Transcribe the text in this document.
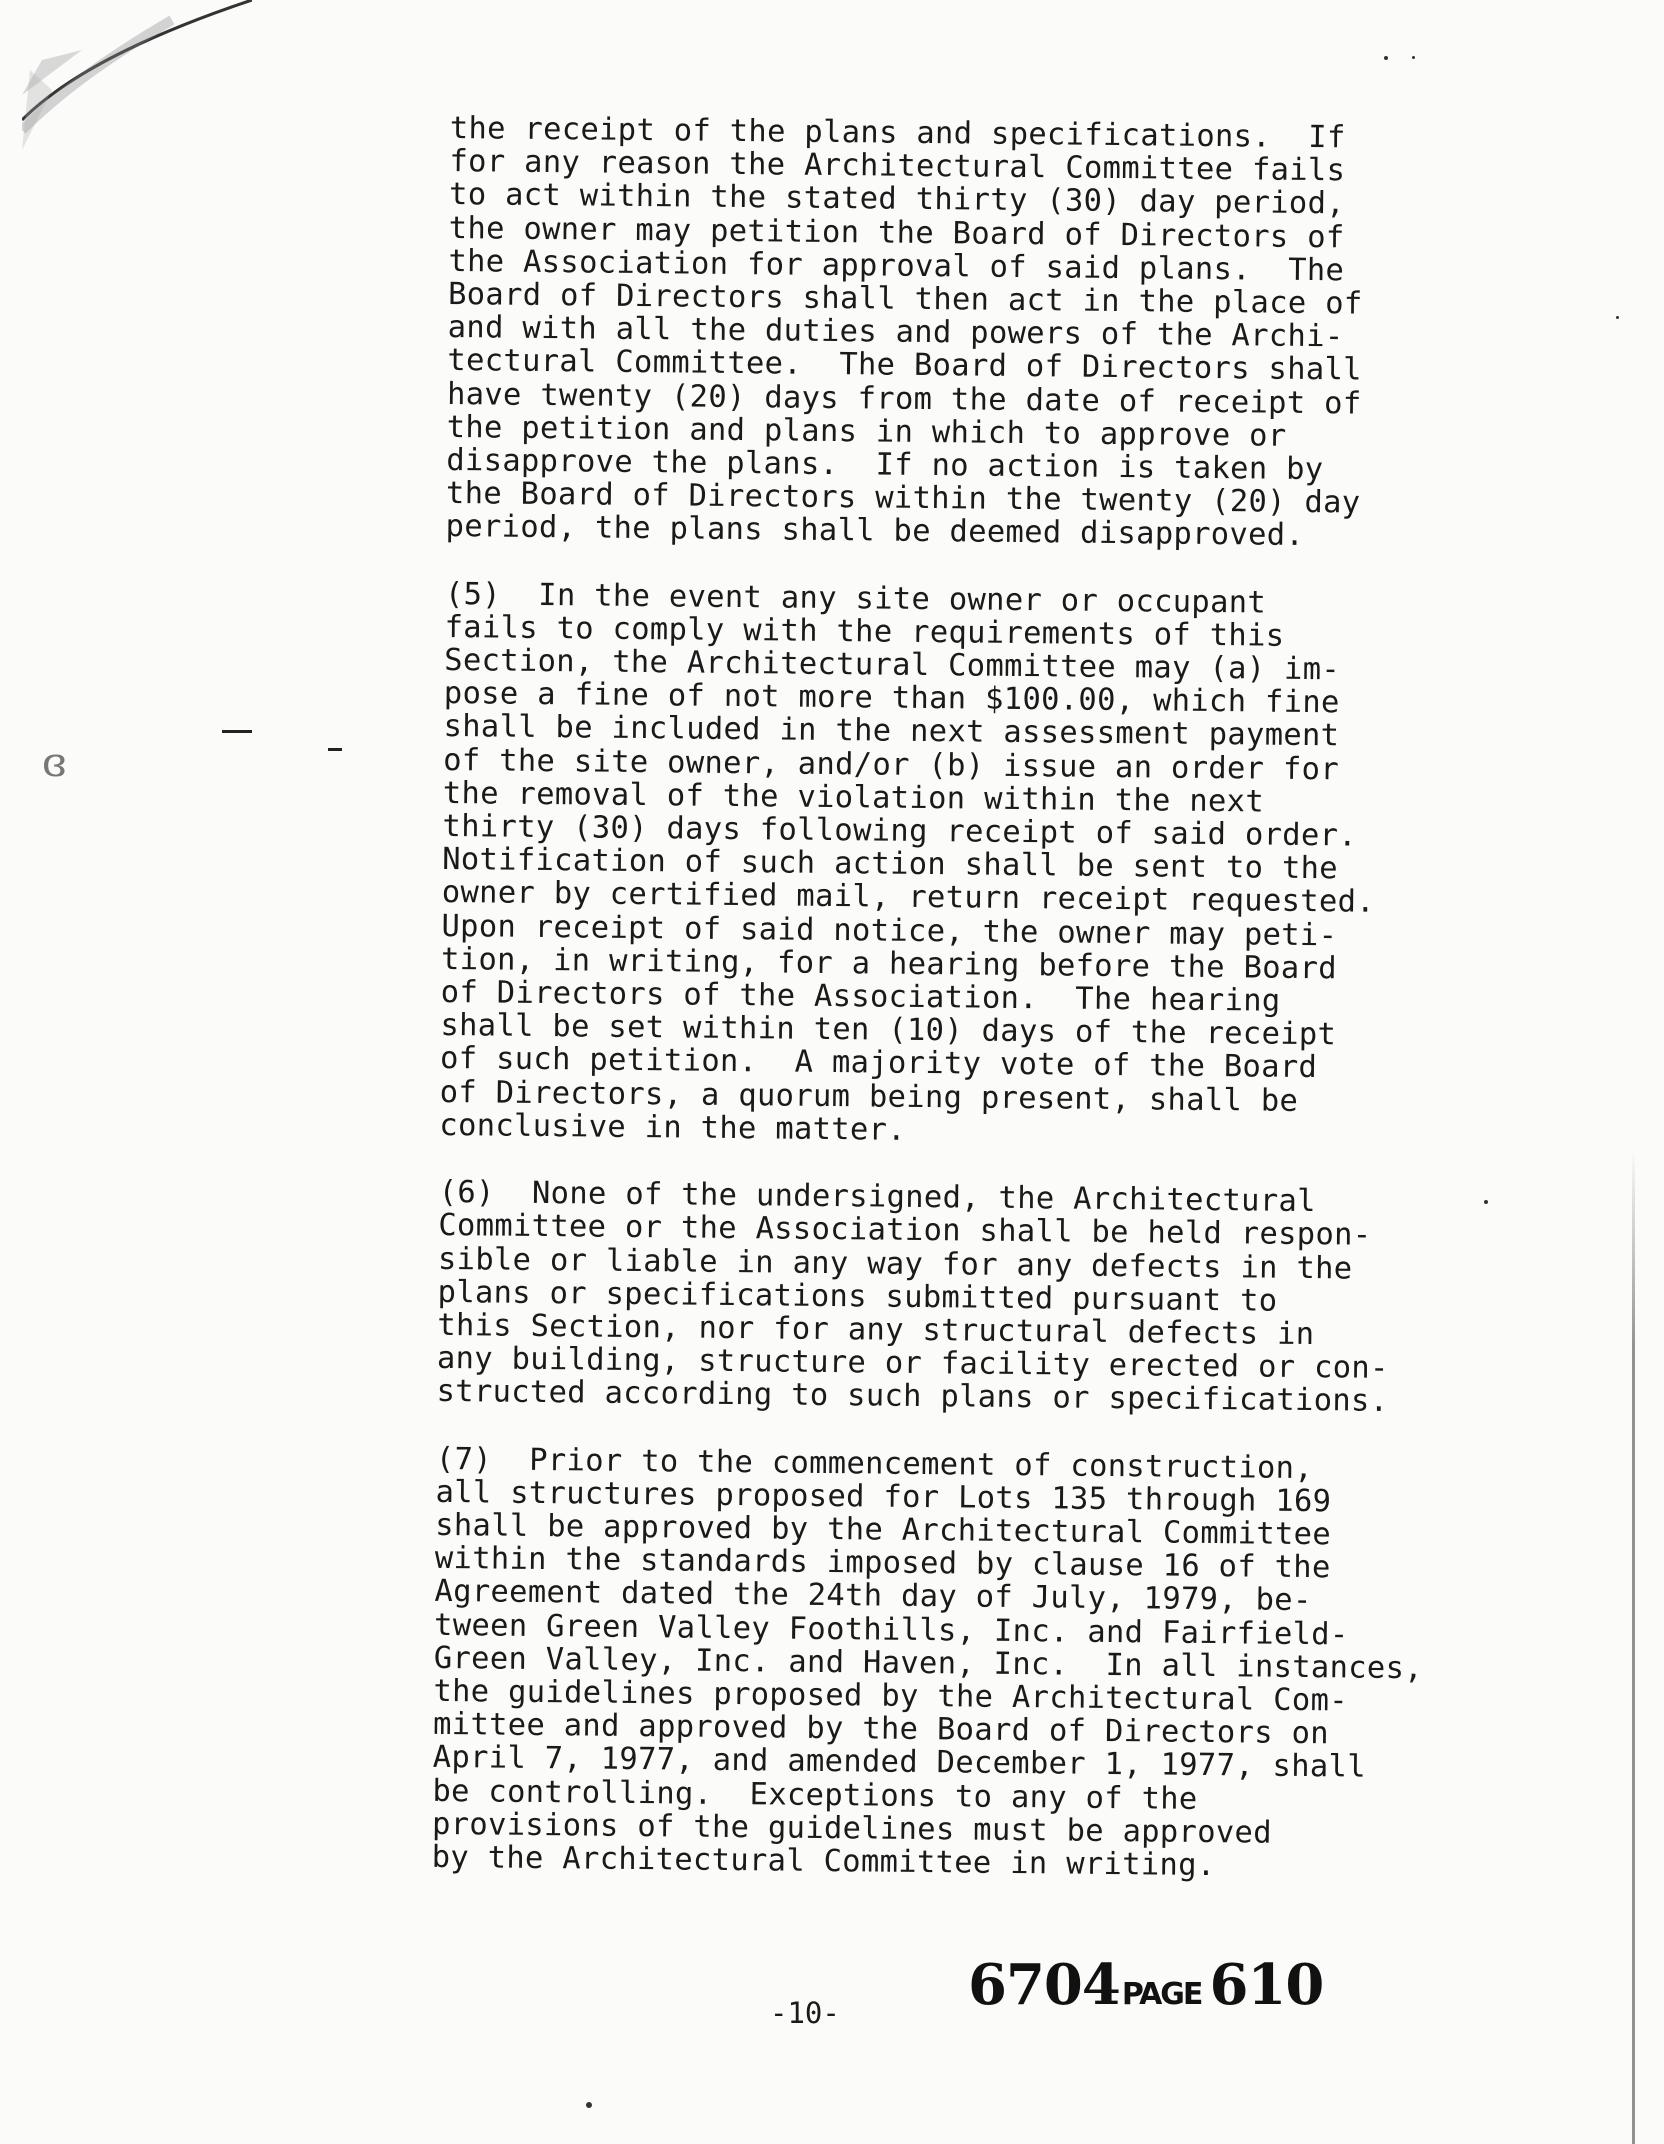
ɞ
the receipt of the plans and specifications.  If
for any reason the Architectural Committee fails
to act within the stated thirty (30) day period,
the owner may petition the Board of Directors of
the Association for approval of said plans.  The
Board of Directors shall then act in the place of
and with all the duties and powers of the Archi-
tectural Committee.  The Board of Directors shall
have twenty (20) days from the date of receipt of
the petition and plans in which to approve or
disapprove the plans.  If no action is taken by
the Board of Directors within the twenty (20) day
period, the plans shall be deemed disapproved.
(5)  In the event any site owner or occupant
fails to comply with the requirements of this
Section, the Architectural Committee may (a) im-
pose a fine of not more than $100.00, which fine
shall be included in the next assessment payment
of the site owner, and/or (b) issue an order for
the removal of the violation within the next
thirty (30) days following receipt of said order.
Notification of such action shall be sent to the
owner by certified mail, return receipt requested.
Upon receipt of said notice, the owner may peti-
tion, in writing, for a hearing before the Board
of Directors of the Association.  The hearing
shall be set within ten (10) days of the receipt
of such petition.  A majority vote of the Board
of Directors, a quorum being present, shall be
conclusive in the matter.
(6)  None of the undersigned, the Architectural
Committee or the Association shall be held respon-
sible or liable in any way for any defects in the
plans or specifications submitted pursuant to
this Section, nor for any structural defects in
any building, structure or facility erected or con-
structed according to such plans or specifications.
(7)  Prior to the commencement of construction,
all structures proposed for Lots 135 through 169
shall be approved by the Architectural Committee
within the standards imposed by clause 16 of the
Agreement dated the 24th day of July, 1979, be-
tween Green Valley Foothills, Inc. and Fairfield-
Green Valley, Inc. and Haven, Inc.  In all instances,
the guidelines proposed by the Architectural Com-
mittee and approved by the Board of Directors on
April 7, 1977, and amended December 1, 1977, shall
be controlling.  Exceptions to any of the
provisions of the guidelines must be approved
by the Architectural Committee in writing.
-10- 6704PAGE 610
